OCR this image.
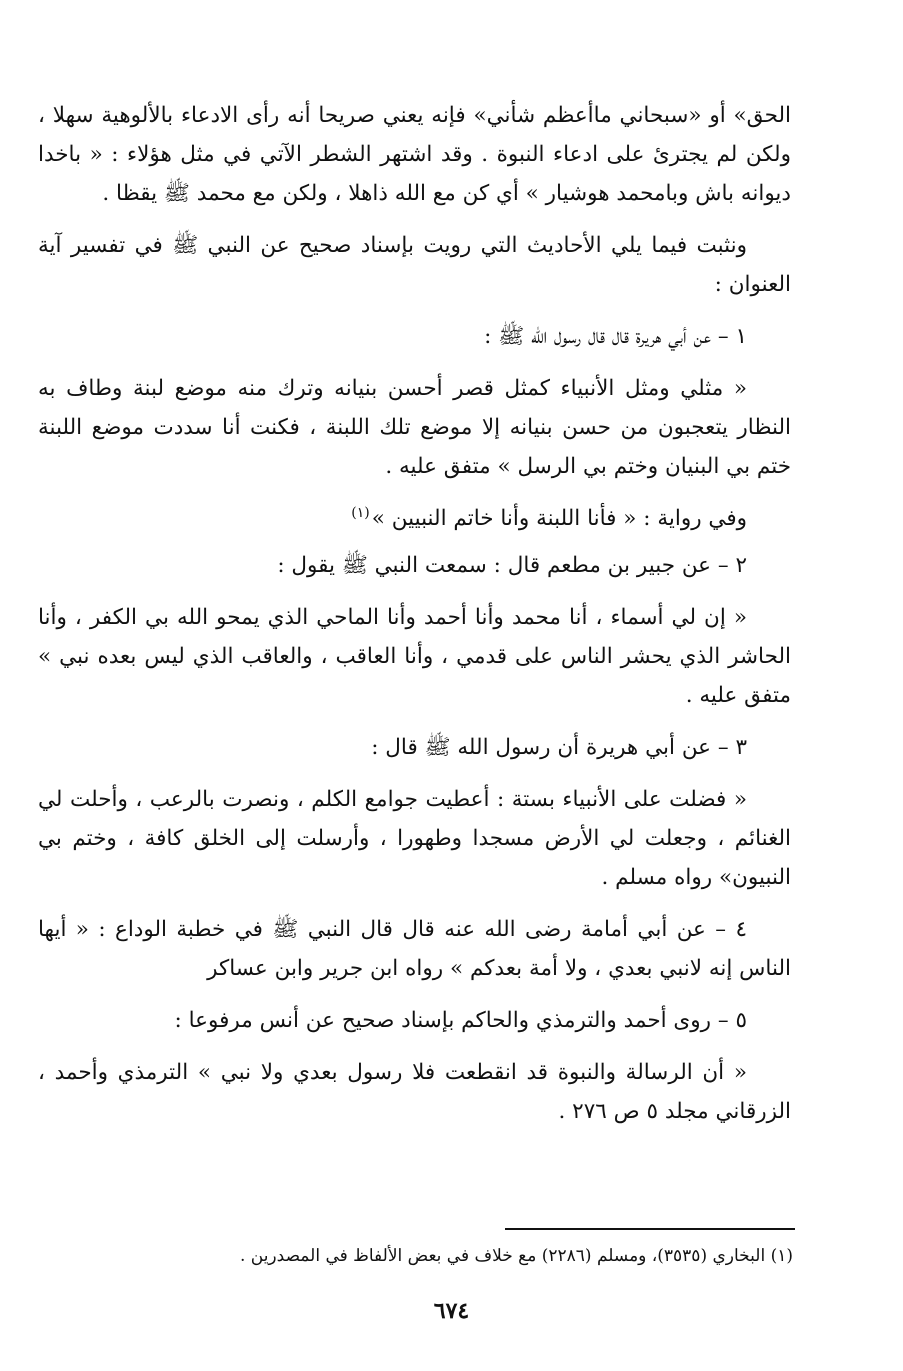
الحق» أو «سبحاني ماأعظم شأني» فإنه يعني صريحا أنه رأى الادعاء بالألوهية سهلا ، ولكن لم يجترئ على ادعاء النبوة . وقد اشتهر الشطر الآتي في مثل هؤلاء : « باخدا ديوانه باش وبامحمد هوشيار » أي كن مع الله ذاهلا ، ولكن مع محمد ﷺ يقظا .

ونثبت فيما يلي الأحاديث التي رويت بإسناد صحيح عن النبي ﷺ في تفسير آية العنوان :

١ – عن أبي هريرة قال قال رسول الله ﷺ :

« مثلي ومثل الأنبياء كمثل قصر أحسن بنيانه وترك منه موضع لبنة وطاف به النظار يتعجبون من حسن بنيانه إلا موضع تلك اللبنة ، فكنت أنا سددت موضع اللبنة ختم بي البنيان وختم بي الرسل » متفق عليه .

وفي رواية : « فأنا اللبنة وأنا خاتم النبيين »$^{(١)}$

٢ – عن جبير بن مطعم قال : سمعت النبي ﷺ يقول :

« إن لي أسماء ، أنا محمد وأنا أحمد وأنا الماحي الذي يمحو الله بي الكفر ، وأنا الحاشر الذي يحشر الناس على قدمي ، وأنا العاقب ، والعاقب الذي ليس بعده نبي » متفق عليه .

٣ – عن أبي هريرة أن رسول الله ﷺ قال :

« فضلت على الأنبياء بستة : أعطيت جوامع الكلم ، ونصرت بالرعب ، وأحلت لي الغنائم ، وجعلت لي الأرض مسجدا وطهورا ، وأرسلت إلى الخلق كافة ، وختم بي النبيون» رواه مسلم .

٤ – عن أبي أمامة رضى الله عنه قال قال النبي ﷺ في خطبة الوداع : « أيها الناس إنه لانبي بعدي ، ولا أمة بعدكم » رواه ابن جرير وابن عساكر

٥ – روى أحمد والترمذي والحاكم بإسناد صحيح عن أنس مرفوعا :

« أن الرسالة والنبوة قد انقطعت فلا رسول بعدي ولا نبي » الترمذي وأحمد ، الزرقاني مجلد ٥ ص ٢٧٦ .

(١) البخاري (٣٥٣٥)، ومسلم (٢٢٨٦) مع خلاف في بعض الألفاظ في المصدرين .
٦٧٤
